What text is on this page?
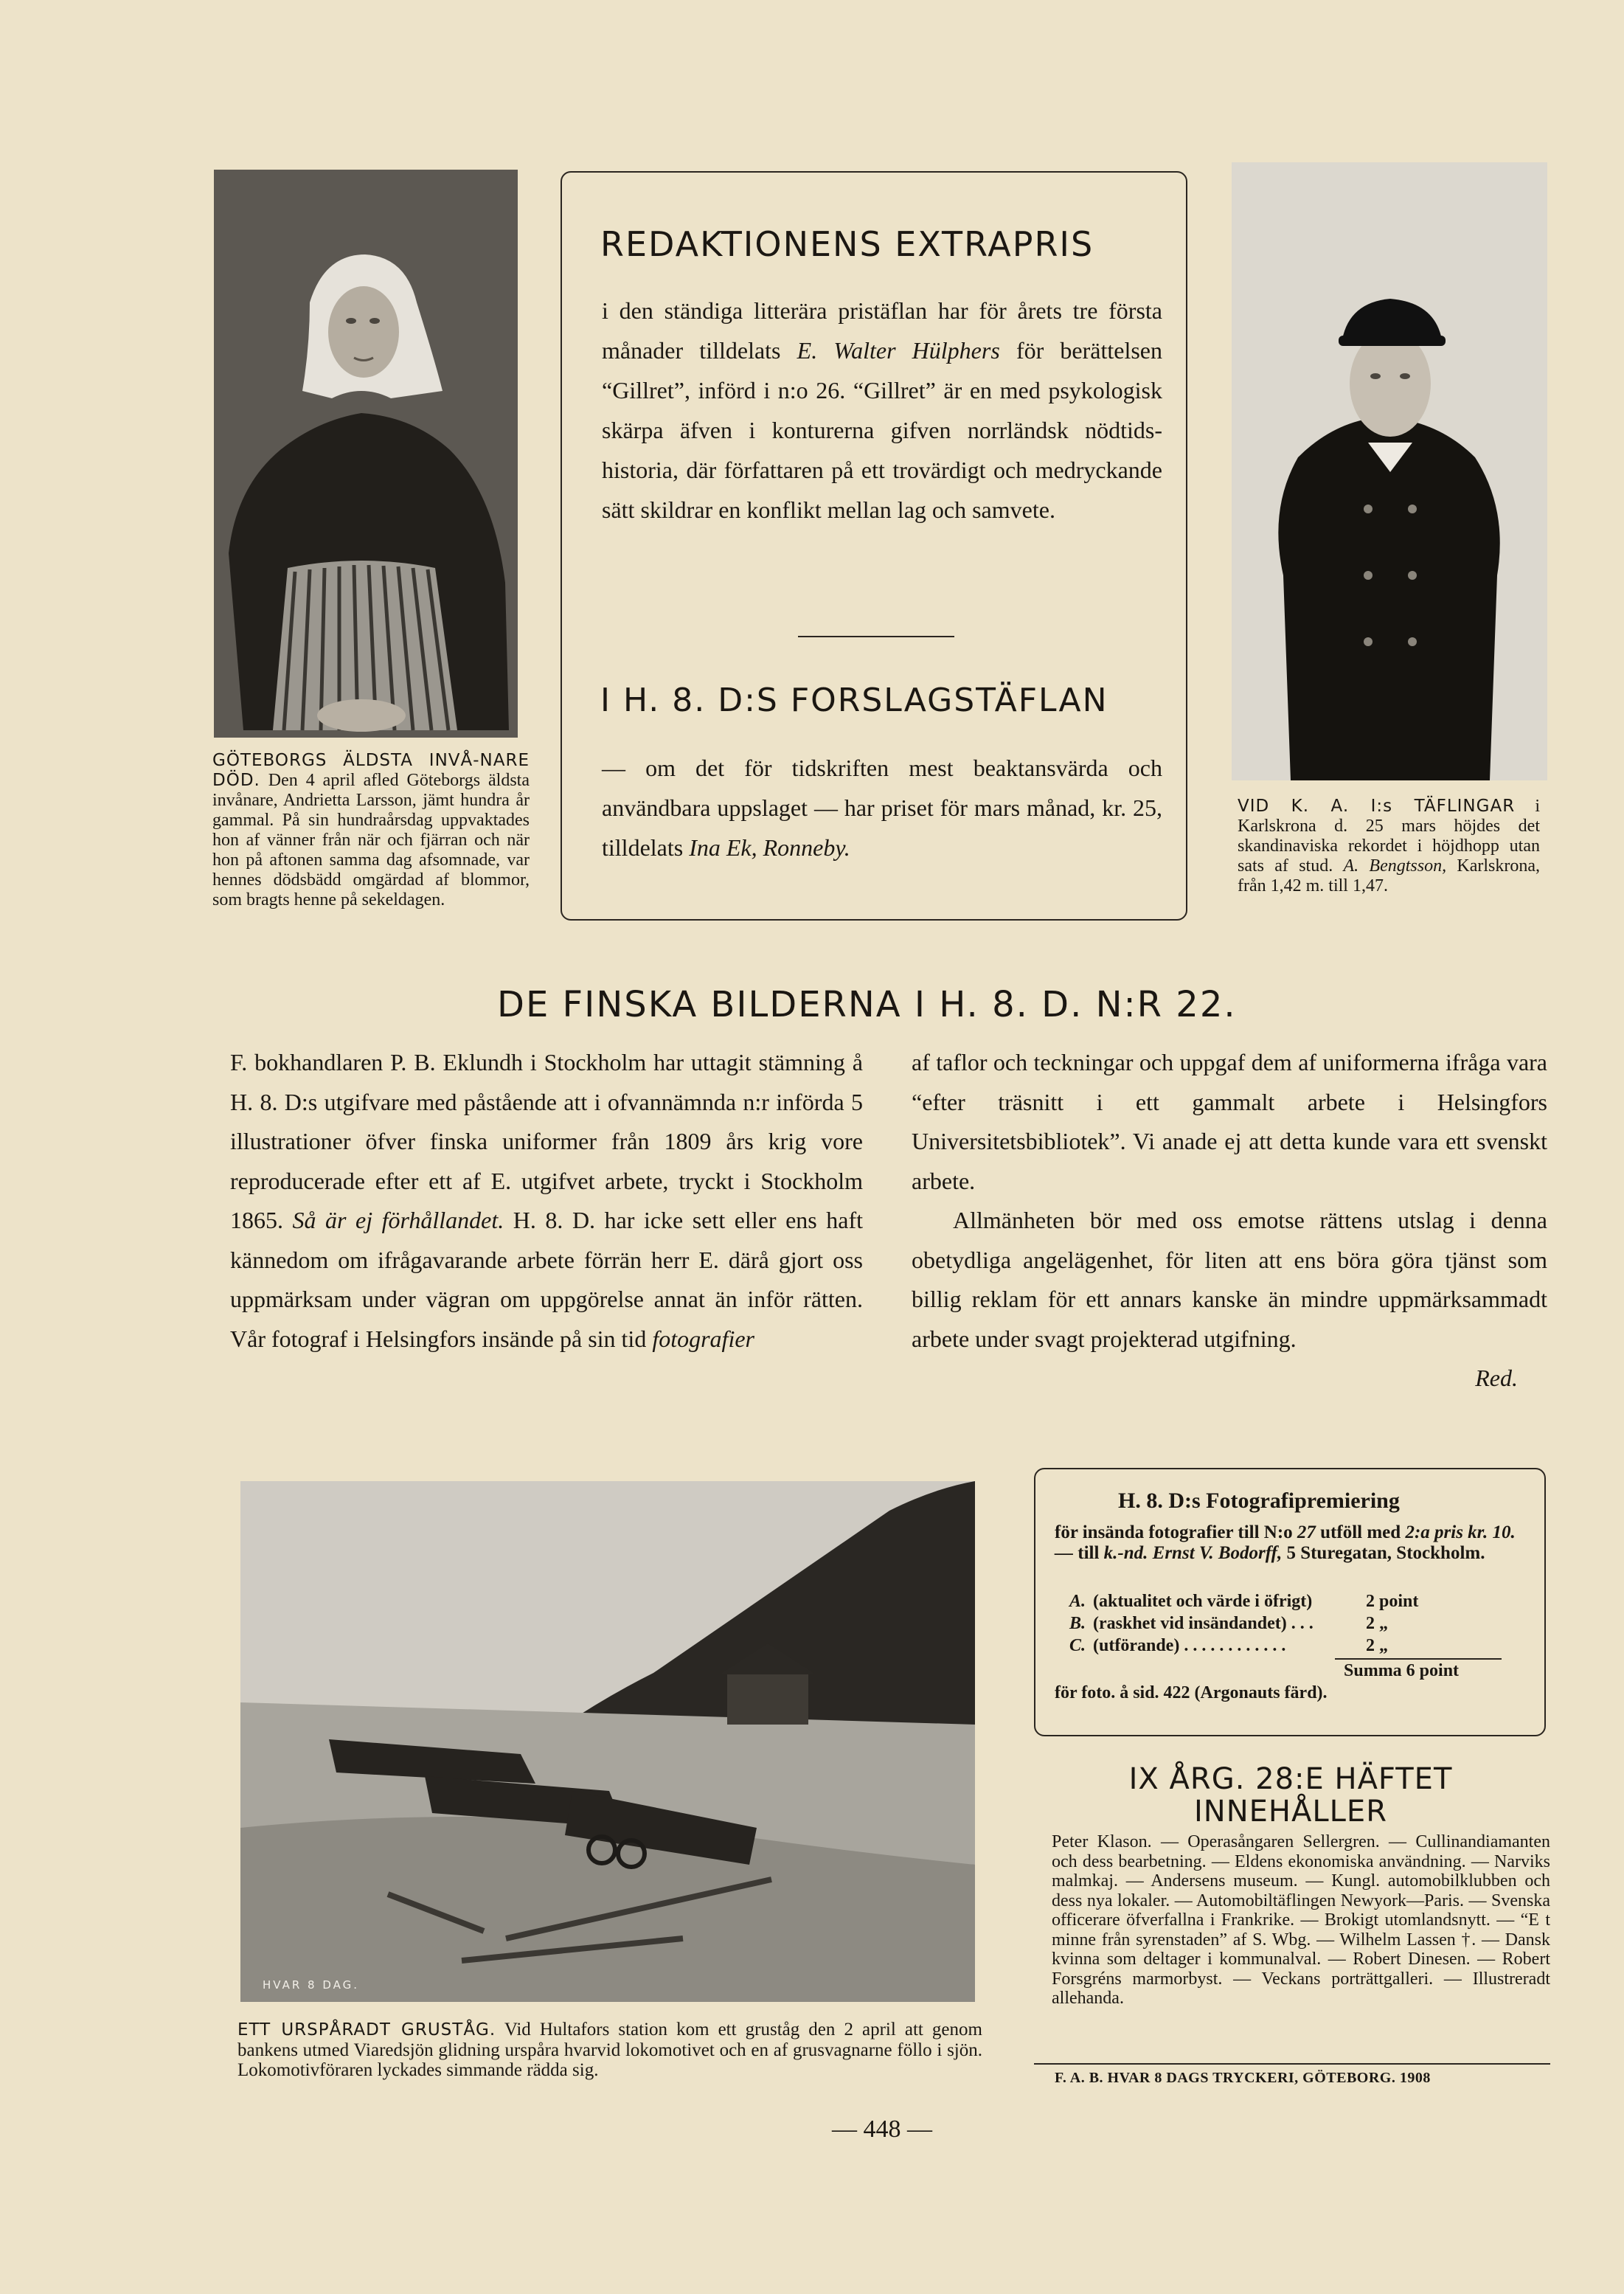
GÖTEBORGS ÄLDSTA INVÅ-NARE DÖD. Den 4 april afled Göteborgs äldsta invånare, Andrietta Larsson, jämt hundra år gammal. På sin hundraårsdag uppvaktades hon af vänner från när och fjärran och när hon på aftonen samma dag afsomnade, var hennes dödsbädd omgärdad af blommor, som bragts henne på sekeldagen.

REDAKTIONENS EXTRAPRIS

i den ständiga litterära pristäflan har för årets tre första månader tilldelats E. Walter Hülphers för berättelsen “Gillret”, införd i n:o 26. “Gillret” är en med psykologisk skärpa äfven i konturerna gifven norrländsk nödtids-historia, där författaren på ett trovärdigt och medryckande sätt skildrar en konflikt mellan lag och samvete.

I H. 8. D:S FORSLAGSTÄFLAN

— om det för tidskriften mest beaktansvärda och användbara uppslaget — har priset för mars månad, kr. 25, tilldelats Ina Ek, Ronneby.

VID K. A. I:s TÄFLINGAR i Karlskrona d. 25 mars höjdes det skandinaviska rekordet i höjdhopp utan sats af stud. A. Bengtsson, Karlskrona, från 1,42 m. till 1,47.

DE FINSKA BILDERNA I H. 8. D. N:R 22.

F. bokhandlaren P. B. Eklundh i Stockholm har uttagit stämning å H. 8. D:s utgifvare med påstående att i ofvannämnda n:r införda 5 illustrationer öfver finska uniformer från 1809 års krig vore reproducerade efter ett af E. utgifvet arbete, tryckt i Stockholm 1865. Så är ej förhållandet. H. 8. D. har icke sett eller ens haft kännedom om ifrågavarande arbete förrän herr E. därå gjort oss uppmärksam under vägran om uppgörelse annat än inför rätten. Vår fotograf i Helsingfors insände på sin tid fotografier

af taflor och teckningar och uppgaf dem af uniformerna ifråga vara “efter träsnitt i ett gammalt arbete i Helsingfors Universitetsbibliotek”. Vi anade ej att detta kunde vara ett svenskt arbete.

Allmänheten bör med oss emotse rättens utslag i denna obetydliga angelägenhet, för liten att ens böra göra tjänst som billig reklam för ett annars kanske än mindre uppmärksammadt arbete under svagt projekterad utgifning.

Red.

HVAR 8 DAG.

ETT URSPÅRADT GRUSTÅG. Vid Hultafors station kom ett gruståg den 2 april att genom bankens utmed Viaredsjön glidning urspåra hvarvid lokomotivet och en af grusvagnarne föllo i sjön. Lokomotivföraren lyckades simmande rädda sig.

H. 8. D:s Fotografipremiering

för insända fotografier till N:o 27 utföll med 2:a pris kr. 10.— till k.-nd. Ernst V. Bodorff, 5 Sturegatan, Stockholm.

A. (aktualitet och värde i öfrigt)	2 point
B. (raskhet vid insändandet) . . .	2 „
C. (utförande) . . . . . . . . . . . .	2 „
Summa 6 point
för foto. å sid. 422 (Argonauts färd).
IX ÅRG. 28:E HÄFTET INNEHÅLLER

Peter Klason. — Operasångaren Sellergren. — Cullinandiamanten och dess bearbetning. — Eldens ekonomiska användning. — Narviks malmkaj. — Andersens museum. — Kungl. automobilklubben och dess nya lokaler. — Automobiltäflingen Newyork—Paris. — Svenska officerare öfverfallna i Frankrike. — Brokigt utomlandsnytt. — “E t minne från syrenstaden” af S. Wbg. — Wilhelm Lassen †. — Dansk kvinna som deltager i kommunalval. — Robert Dinesen. — Robert Forsgréns marmorbyst. — Veckans porträttgalleri. — Illustreradt allehanda.

F. A. B. HVAR 8 DAGS TRYCKERI, GÖTEBORG. 1908
— 448 —
